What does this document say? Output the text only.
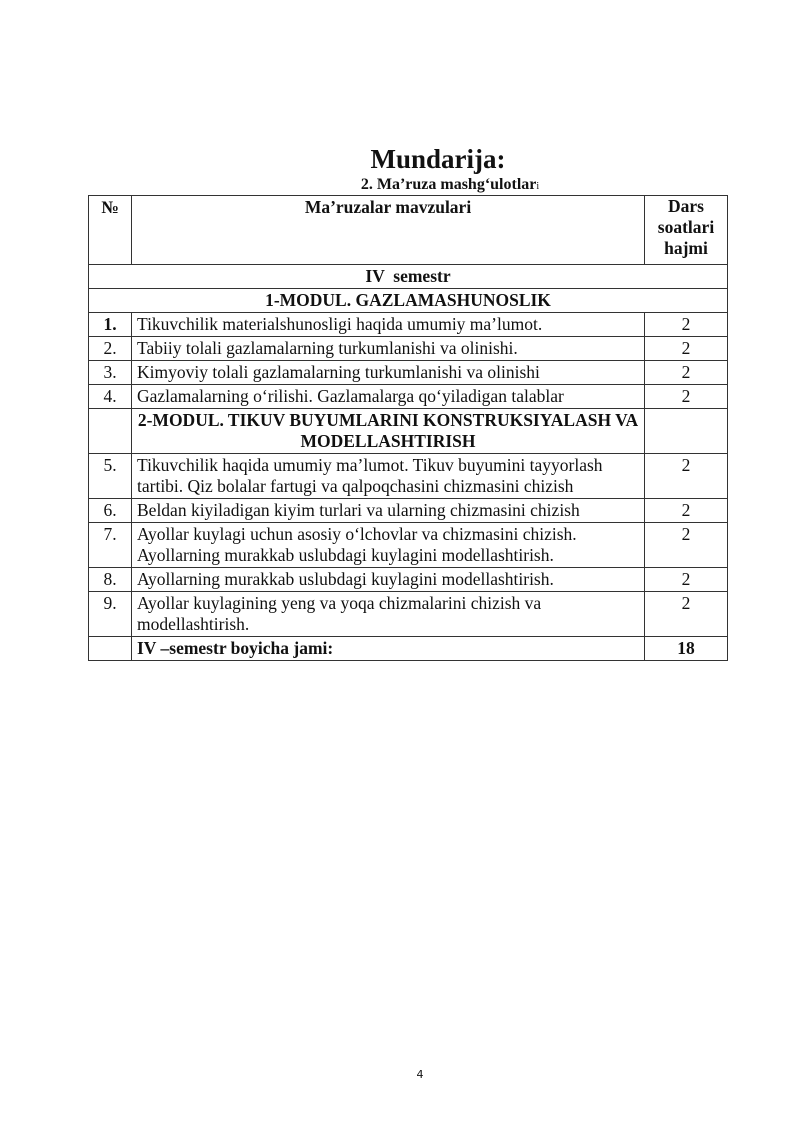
Mundarija:
2. Ma’ruza mashg‘ulotlari
№	Ma’ruzalar mavzulari	Dars soatlari hajmi
IV  semestr		
1-MODUL. GAZLAMASHUNOSLIK		
1.	Tikuvchilik materialshunosligi haqida umumiy ma’lumot.	2
2.	Tabiiy tolali gazlamalarning turkumlanishi va olinishi.	2
3.	Kimyoviy tolali gazlamalarning turkumlanishi va olinishi	2
4.	Gazlamalarning o‘rilishi. Gazlamalarga qo‘yiladigan talablar	2
	2-MODUL. TIKUV BUYUMLARINI KONSTRUKSIYALASH VA MODELLASHTIRISH	
5.	Tikuvchilik haqida umumiy ma’lumot. Tikuv buyumini tayyorlash tartibi. Qiz bolalar fartugi va qalpoqchasini chizmasini chizish	2
6.	Beldan kiyiladigan kiyim turlari va ularning chizmasini chizish	2
7.	Ayollar kuylagi uchun asosiy o‘lchovlar va chizmasini chizish. Ayollarning murakkab uslubdagi kuylagini modellashtirish.	2
8.	Ayollarning murakkab uslubdagi kuylagini modellashtirish.	2
9.	Ayollar kuylagining yeng va yoqa chizmalarini chizish va modellashtirish.	2
	IV –semestr boyicha jami:	18
4
